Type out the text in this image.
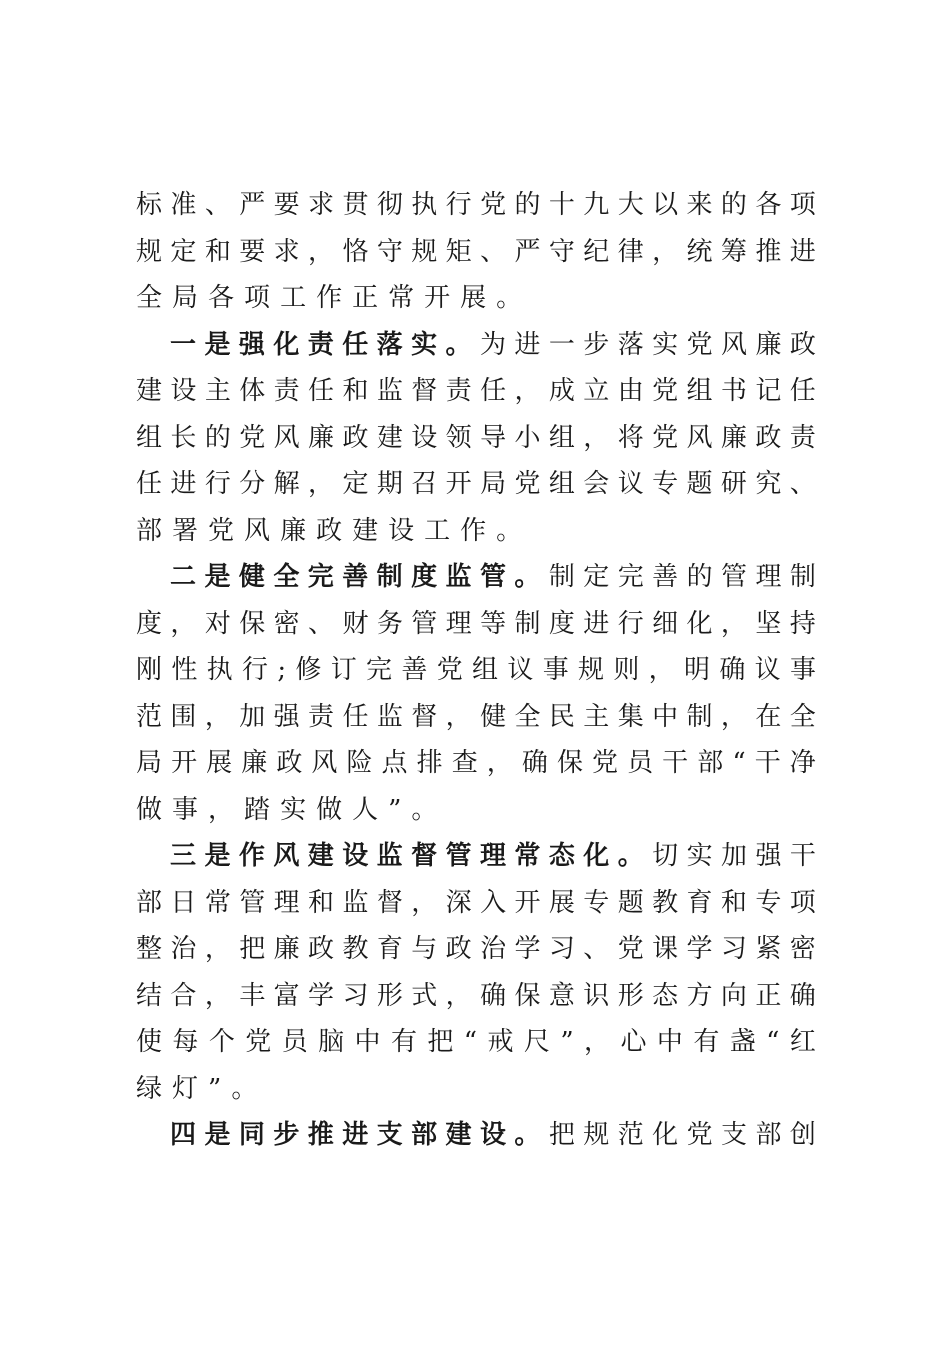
标 准 、 严 要 求 贯 彻 执 行 党 的 十 九 大 以 来 的 各 项
规 定 和 要 求 ， 恪 守 规 矩 、 严 守 纪 律 ， 统 筹 推 进
全 局 各 项 工 作 正 常 开 展 。
一 是 强 化 责 任 落 实 。 为 进 一 步 落 实 党 风 廉 政
建 设 主 体 责 任 和 监 督 责 任 ， 成 立 由 党 组 书 记 任
组 长 的 党 风 廉 政 建 设 领 导 小 组 ， 将 党 风 廉 政 责
任 进 行 分 解 ， 定 期 召 开 局 党 组 会 议 专 题 研 究 、
部 署 党 风 廉 政 建 设 工 作 。
二 是 健 全 完 善 制 度 监 管 。 制 定 完 善 的 管 理 制
度 ， 对 保 密 、 财 务 管 理 等 制 度 进 行 细 化 ， 坚 持
刚 性 执 行 ; 修 订 完 善 党 组 议 事 规 则 ， 明 确 议 事
范 围 ， 加 强 责 任 监 督 ， 健 全 民 主 集 中 制 ， 在 全
局 开 展 廉 政 风 险 点 排 查 ， 确 保 党 员 干 部 “ 干 净
做 事 ， 踏 实 做 人 ” 。
三 是 作 风 建 设 监 督 管 理 常 态 化 。 切 实 加 强 干
部 日 常 管 理 和 监 督 ， 深 入 开 展 专 题 教 育 和 专 项
整 治 ， 把 廉 政 教 育 与 政 治 学 习 、 党 课 学 习 紧 密
结 合 ， 丰 富 学 习 形 式 ， 确 保 意 识 形 态 方 向 正 确
使 每 个 党 员 脑 中 有 把 “ 戒 尺 ” ， 心 中 有 盏 “ 红
绿 灯 ” 。
四 是 同 步 推 进 支 部 建 设 。 把 规 范 化 党 支 部 创
